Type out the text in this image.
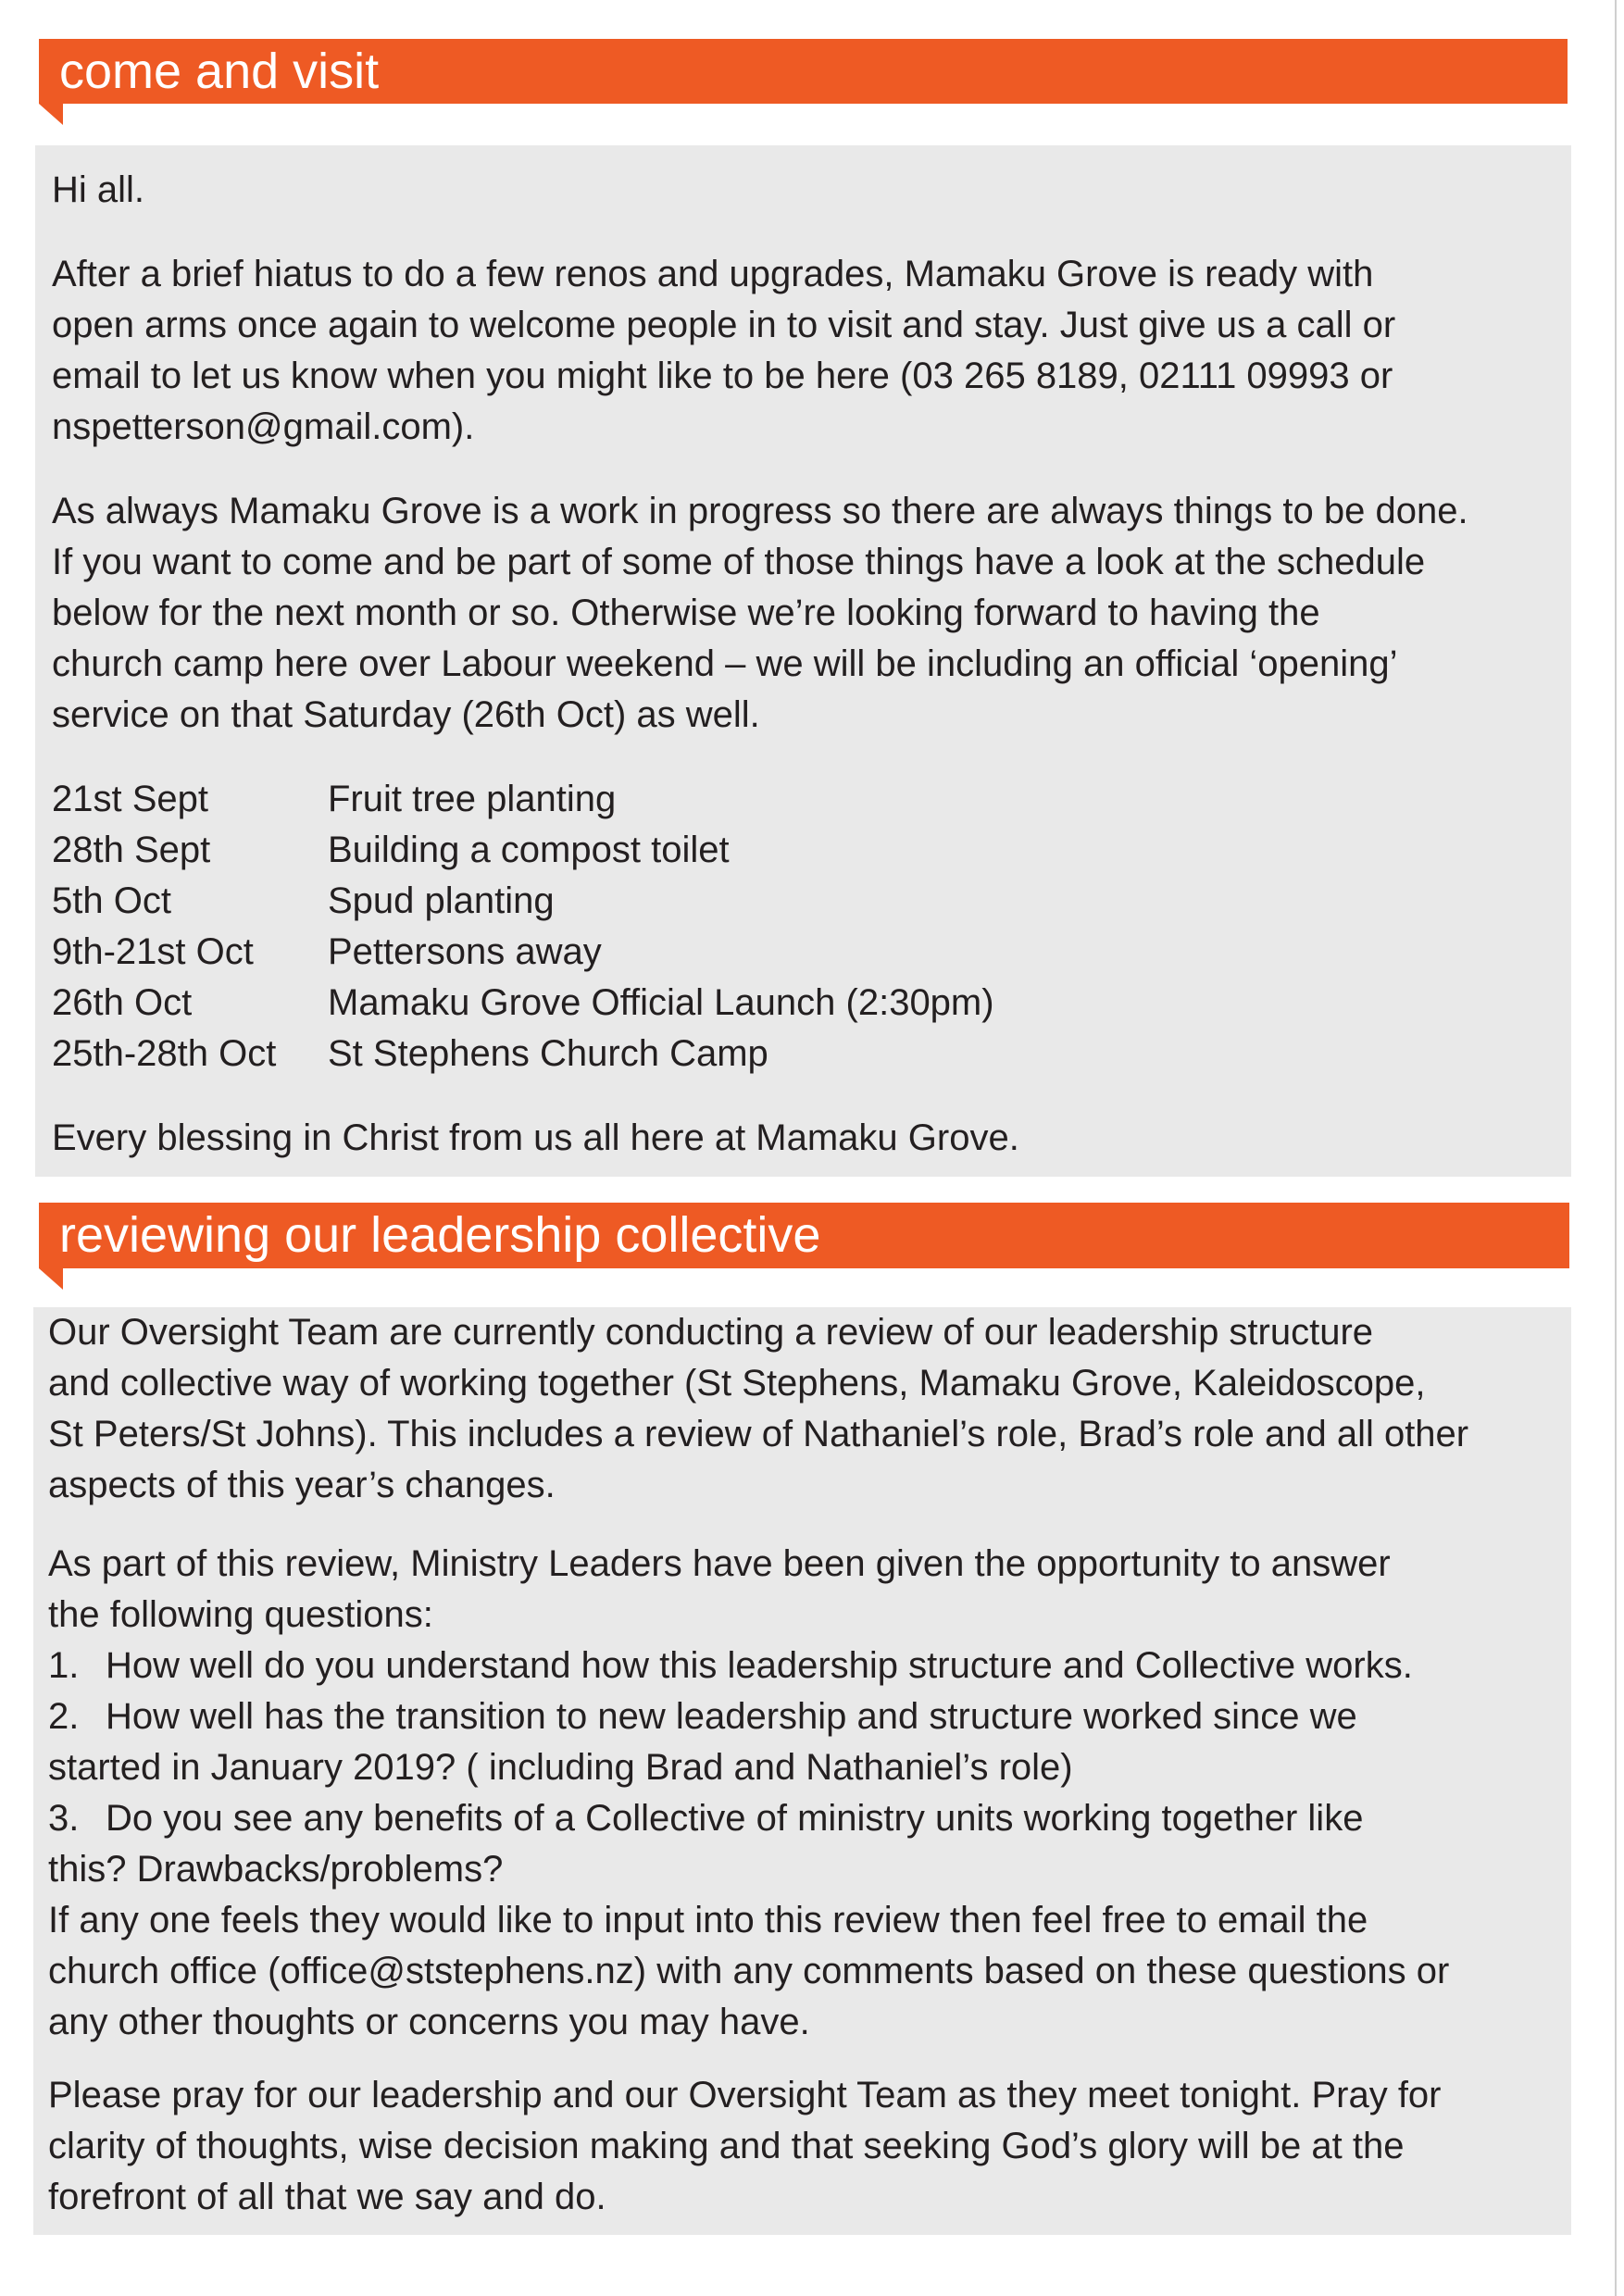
come and visit

Hi all.

After a brief hiatus to do a few renos and upgrades, Mamaku Grove is ready with

open arms once again to welcome people in to visit and stay. Just give us a call or

email to let us know when you might like to be here (03 265 8189, 02111 09993 or

nspetterson@gmail.com).

As always Mamaku Grove is a work in progress so there are always things to be done.

If you want to come and be part of some of those things have a look at the schedule

below for the next month or so. Otherwise we’re looking forward to having the

church camp here over Labour weekend – we will be including an official ‘opening’

service on that Saturday (26th Oct) as well.

21st Sept	Fruit tree planting
28th Sept	Building a compost toilet
5th Oct	Spud planting
9th-21st Oct	Pettersons away
26th Oct	Mamaku Grove Official Launch (2:30pm)
25th-28th Oct	St Stephens Church Camp

Every blessing in Christ from us all here at Mamaku Grove.

reviewing our leadership collective

Our Oversight Team are currently conducting a review of our leadership structure

and collective way of working together (St Stephens, Mamaku Grove, Kaleidoscope,

St Peters/St Johns). This includes a review of Nathaniel’s role, Brad’s role and all other

aspects of this year’s changes.

As part of this review, Ministry Leaders have been given the opportunity to answer

the following questions:

1. How well do you understand how this leadership structure and Collective works.

2. How well has the transition to new leadership and structure worked since we

started in January 2019? ( including Brad and Nathaniel’s role)

3. Do you see any benefits of a Collective of ministry units working together like

this? Drawbacks/problems?

If any one feels they would like to input into this review then feel free to email the

church office (office@ststephens.nz) with any comments based on these questions or

any other thoughts or concerns you may have.

Please pray for our leadership and our Oversight Team as they meet tonight. Pray for

clarity of thoughts, wise decision making and that seeking God’s glory will be at the

forefront of all that we say and do.
